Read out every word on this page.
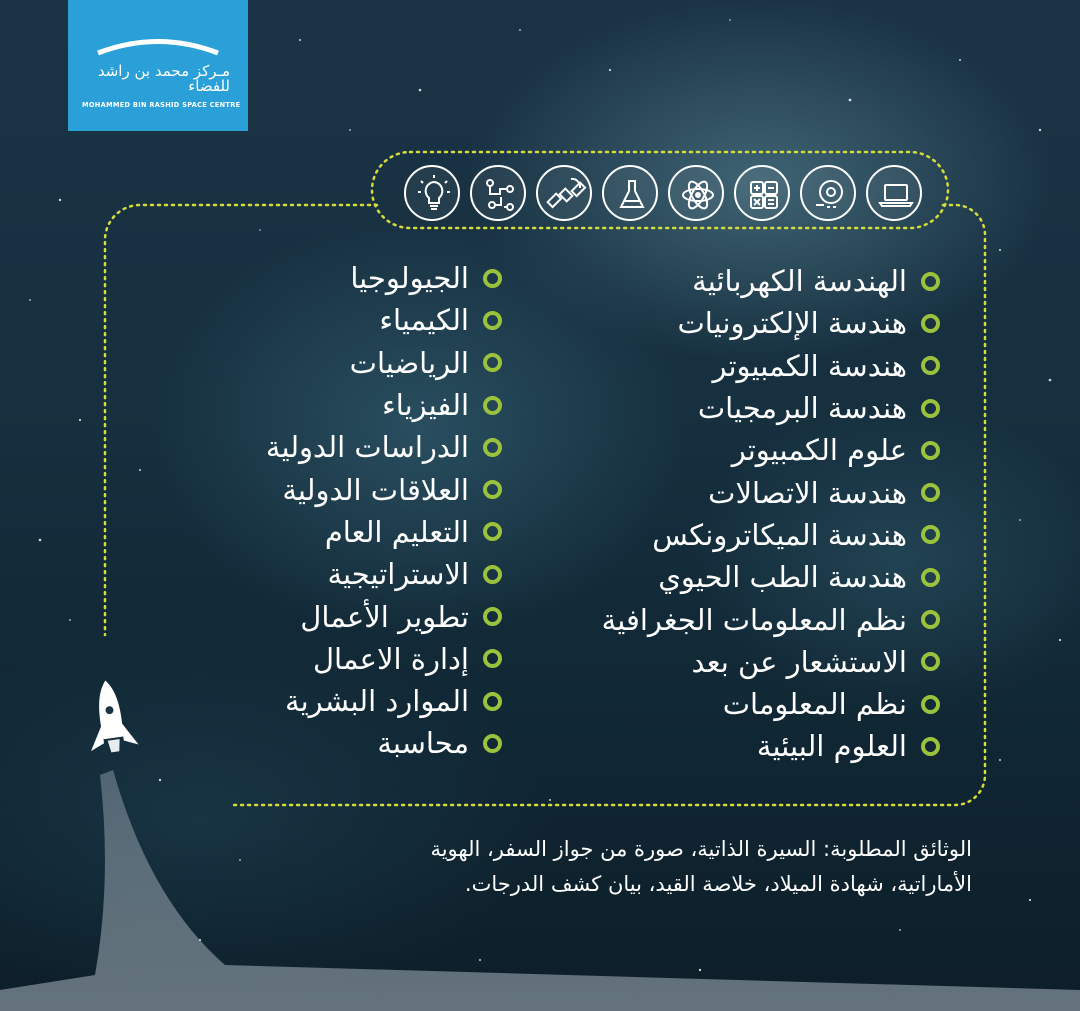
مـركز محمد بن راشد للفضاء
MOHAMMED BIN RASHID SPACE CENTRE
الهندسة الكهربائية
هندسة الإلكترونيات
هندسة الكمبيوتر
هندسة البرمجيات
علوم الكمبيوتر
هندسة الاتصالات
هندسة الميكاترونكس
هندسة الطب الحيوي
نظم المعلومات الجغرافية
الاستشعار عن بعد
نظم المعلومات
العلوم البيئية
الجيولوجيا
الكيمياء
الرياضيات
الفيزياء
الدراسات الدولية
العلاقات الدولية
التعليم العام
الاستراتيجية
تطوير الأعمال
إدارة الاعمال
الموارد البشرية
محاسبة
الوثائق المطلوبة: السيرة الذاتية، صورة من جواز السفر، الهوية
الأماراتية، شهادة الميلاد، خلاصة القيد، بيان كشف الدرجات.
